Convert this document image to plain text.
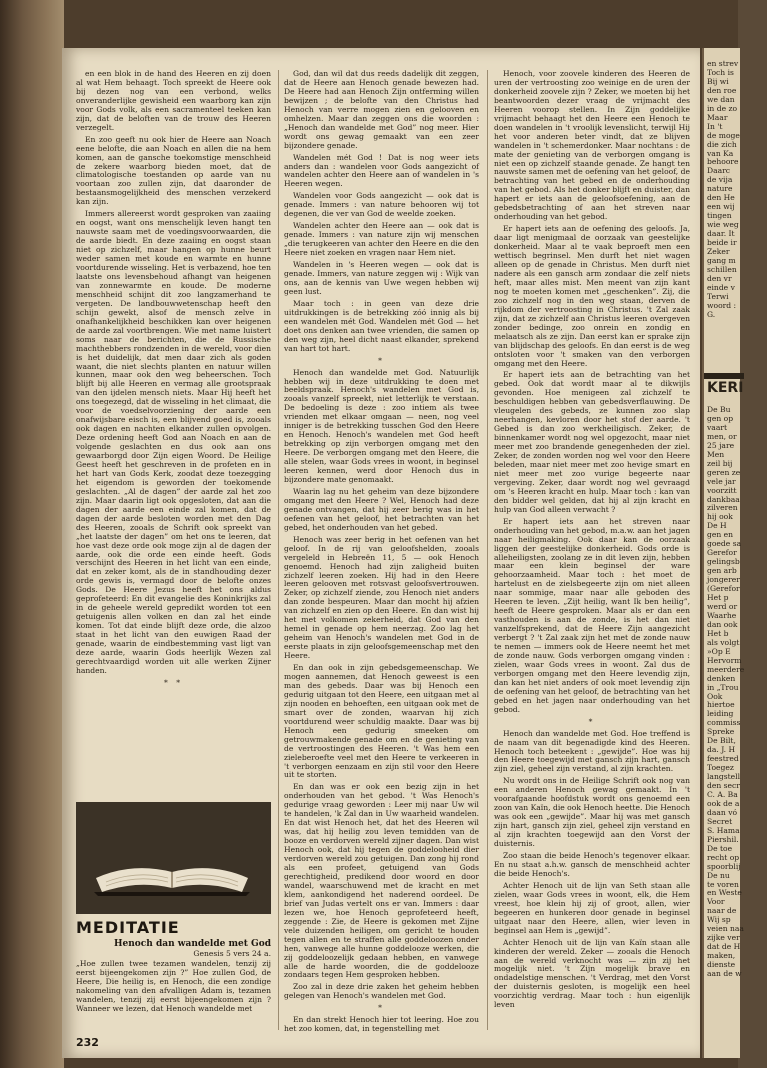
en een blok in de hand des Heeren en zij doen al wat Hem behaagt. Toch spreekt de Heere ook bij dezen nog van een verbond, welks onveranderlijke gewisheid een waarborg kan zijn voor Gods volk, als een sacramenteel teeken kan zijn, dat de beloften van de trouw des Heeren verzegelt.

En zoo geeft nu ook hier de Heere aan Noach eene belofte, die aan Noach en allen die na hem komen, aan de gansche toekomstige menschheid de zekere waarborg bieden moet, dat de climatologische toestanden op aarde van nu voortaan zoo zullen zijn, dat daaronder de bestaansmogelijkheid des menschen verzekerd kan zijn.

Immers allereerst wordt gesproken van zaaiing en oogst, want ons menschelijk leven hangt ten nauwste saam met de voedingsvoorwaarden, die de aarde biedt. En deze zaaiing en oogst staan niet op zichzelf, maar hangen op hunne beurt weder samen met koude en warmte en hunne voortdurende wisseling. Het is verbazend, hoe ten laatste ons levensbehoud afhangt van heigenen van zonnewarmte en koude. De moderne menschheid schijnt dit zoo langzamerhand te vergeten. De landbouwwetenschap heeft den schijn gewekt, alsof de mensch zelve in onafhankelijkheid beschikken kan over heigenen de aarde zal voortbrengen. Wie met name luistert soms naar de berichten, die de Russische machthebbers rondzenden in de wereld, voor dien is het duidelijk, dat men daar zich als goden waant, die niet slechts planten en natuur willen kunnen, maar ook den weg beheerschen. Toch blijft bij alle Heeren en vermag alle grootspraak van den ijdelen mensch niets. Maar Hij heeft het ons toegezegd, dat de wisseling in het climaat, die voor de voedselvoorziening der aarde een onafwijsbare eisch is, een blijvend goed is, zooals ook dagen en nachten elkander zullen opvolgen. Deze ordening heeft God aan Noach en aan de volgende geslachten en dus ook aan ons gewaarborgd door Zijn eigen Woord. De Heilige Geest heeft het geschreven in de profeten en in het hart van Gods Kerk, zoodat deze toezegging het eigendom is geworden der toekomende geslachten. „Al de dagen” der aarde zal het zoo zijn. Maar daarin ligt ook opgesloten, dat aan die dagen der aarde een einde zal komen, dat de dagen der aarde besloten worden met den Dag des Heeren, zooals de Schrift ook spreekt van „het laatste der dagen” om het ons te leeren, dat hoe vast deze orde ook moge zijn al de dagen der aarde, ook die orde een einde heeft. Gods verschijnt des Heeren in het licht van een einde, dat en zeker komt, als de in standhouding dezer orde gewis is, vermagd door de belofte onzes Gods. De Heere Jezus heeft het ons aldus geprofeteerd: En dit evangelie des Koninkrijks zal in de geheele wereld gepredikt worden tot een getuigenis allen volken en dan zal het einde komen. Tot dat einde blijft deze orde, die alzoo staat in het licht van den euwigen Raad der genade, waarin de eindbestemming vast ligt van deze aarde, waarin Gods heerlijk Wezen zal gerechtvaardigd worden uit alle werken Zijner handen.

* *

MEDITATIE
Henoch dan wandelde met God
Genesis 5 vers 24 a.
„Hoe zullen twee tezamen wandelen, tenzij zij eerst bijeengekomen zijn ?” Hoe zullen God, de Heere, Die heilig is, en Henoch, die een zondige nakomeling van den afvalligen Adam is, tezamen wandelen, tenzij zij eerst bijeengekomen zijn ? Wanneer we lezen, dat Henoch wandelde met
232

God, dan wil dat dus reeds dadelijk dit zeggen, dat de Heere aan Henoch genade bewezen had. De Heere had aan Henoch Zijn ontferming willen bewijzen ; de belofte van den Christus had Henoch van verre mogen zien en gelooven en omhelzen. Maar dan zeggen ons die woorden : „Henoch dan wandelde met God” nog meer. Hier wordt ons gewag gemaakt van een zeer bijzondere genade.

Wandelen mét God ! Dat is nog weer iets anders dan : wandelen voor Gods aangezicht of wandelen achter den Heere aan of wandelen in 's Heeren wegen.

Wandelen voor Gods aangezicht — ook dat is genade. Immers : van nature behooren wij tot degenen, die ver van God de weelde zoeken.

Wandelen achter den Heere aan — ook dat is genade. Immers : van nature zijn wij menschen „die terugkeeren van achter den Heere en die den Heere niet zoeken en vragen naar Hem niet.

Wandelen in 's Heeren wegen — ook dat is genade. Immers, van nature zeggen wij : Wijk van ons, aan de kennis van Uwe wegen hebben wij geen lust.

Maar toch : in geen van deze drie uitdrukkingen is de betrekking zóó innig als bij een wandelen mét God. Wandelen mét God — het doet ons denken aan twee vrienden, die samen op den weg zijn, heel dicht naast elkander, sprekend van hart tot hart.

*

Henoch dan wandelde met God. Natuurlijk hebben wij in deze uitdrukking te doen met beeldspraak. Henoch's wandelen met God is, zooals vanzelf spreekt, niet letterlijk te verstaan. De bedoeling is deze : zoo intiem als twee vrienden met elkaar omgaan — neen, nog veel inniger is de betrekking tusschen God den Heere en Henoch. Henoch's wandelen met God heeft betrekking op zijn verborgen omgang met den Heere. De verborgen omgang met den Heere, die alle stelen, waar Gods vrees in woont, in beginsel leeren kennen, werd door Henoch dus in bijzondere mate genomaakt.

Waarin lag nu het geheim van deze bijzondere omgang met den Heere ? Wel, Henoch had deze genade ontvangen, dat hij zeer berig was in het oefenen van het geloof, het betrachten van het gebed, het onderhouden van het gebed.

Henoch was zeer berig in het oefenen van het geloof. In de rij van geloofshelden, zooals vergeleld in Hebreën 11, 5 — ook Henoch genoemd. Henoch had zijn zaligheid buiten zichzelf leeren zoeken. Hij had in den Heere leeren gelooven met rotsvast geloofsvertrouwen. Zeker, op zichzelf ziende, zou Henoch niet anders dan zonde bespeuren. Maar dan mocht hij afzien van zichzelf en zien op den Heere. En dan wist hij het met volkomen zekerheid, dat God van den hemel in genade op hem neerzag. Zoo lag het geheim van Henoch's wandelen met God in de eerste plaats in zijn geloofsgemeenschap met den Heere.

En dan ook in zijn gebedsgemeenschap. We mogen aannemen, dat Henoch geweest is een man des gebeds. Daar was bij Henoch een gedurig uitgaan tot den Heere, een uitgaan met al zijn nooden en behoeften, een uitgaan ook met de smart over de zonden, waarvan hij zich voortdurend weer schuldig maakte. Daar was bij Henoch een gedurig smeeken om getrouwmakende genade om en de genieting van de vertroostingen des Heeren. 't Was hem een zieleberoefte veel met den Heere te verkeeren in 't verborgen eenzaam en zijn stil voor den Heere uit te storten.

En dan was er ook een bezig zijn in het onderhouden van het gebod. 't Was Henoch's gedurige vraag geworden : Leer mij naar Uw wil te handelen, 'k Zal dan in Uw waarheid wandelen. En dat wist Henoch het, dat het des Heeren wil was, dat hij heilig zou leven temidden van de booze en verdorven wereld zijner dagen. Dan wist Henoch ook, dat hij tegen de goddelooheid dier verdorven wereld zou getuigen. Dan zong hij rond als een profeet, getuigend van Gods gerechtigheid, predikend door woord en door wandel, waarschuwend met de kracht en met klem, aankondigend het naderend oordeel. De brief van Judas vertelt ons er van. Immers : daar lezen we, hoe Henoch geprofeteerd heeft, zeggende : Zie, de Heere is gekomen met Zijne vele duizenden heiligen, om gericht te houden tegen allen en te straffen alle goddeloozen onder hen, vanwege alle hunne goddelooze werken, die zij goddeloozelijk gedaan hebben, en vanwege alle de harde woorden, die de goddelooze zondaars tegen Hem gesproken hebben.

Zoo zal in deze drie zaken het geheim hebben gelegen van Henoch's wandelen met God.

*

En dan strekt Henoch hier tot leering. Hoe zou het zoo komen, dat, in tegenstelling met

Henoch, voor zoovele kinderen des Heeren de uren der vertroosting zoo weinige en de uren der donkerheid zoovele zijn ? Zeker, we moeten bij het beantwoorden dezer vraag de vrijmacht des Heeren voorop stellen. In Zijn goddelijke vrijmacht behaagt het den Heere een Henoch te doen wandelen in 't vroolijk levenslicht, terwijl Hij het voor anderen beter vindt, dat ze blijven wandelen in 't schemerdonker. Maar nochtans : de mate der genieting van de verborgen omgang is niet een op zichzelf staande genade. Ze hangt ten nauwste samen met de oefening van het geloof, de betrachting van het gebed en de onderhouding van het gebod. Als het donker blijft en duister, dan hapert er iets aan de geloofsoefening, aan de gebedsbetrachting of aan het streven naar onderhouding van het gebod.

Er hapert iets aan de oefening des geloofs. Ja, daar ligt menigmaal de oorzaak van geestelijke donkerheid. Maar al te vaak beproeft men een wettisch begrinsel. Men durft het niet wagen alleen op de genade in Christus. Men durft niet nadere als een gansch arm zondaar die zelf niets heft, maar alles mist. Men meent van zijn kant nog te moeten komen met „geschenken”. Zij, die zoo zichzelf nog in den weg staan, derven de rijkdom der vertroosting in Christus. 't Zal zaak zijn, dat ze zichzelf aan Christus leeren overgeven zonder bedinge, zoo onrein en zondig en melaatsch als ze zijn. Dan eerst kan er sprake zijn van blijdschap des geloofs. En dan eerst is de weg ontsloten voor 't smaken van den verborgen omgang met den Heere.

Er hapert iets aan de betrachting van het gebed. Ook dat wordt maar al te dikwijls gevonden. Hoe menigeen zal zichzelf te beschuldigen hebben van gebedsverflauwing. De vleugelen des gebeds, ze kunnen zoo slap neerhangen, kevloren door het stof der aarde. 't Gebed is dan zoo werkheiligisch. Zeker, de binnenkamer wordt nog wel opgezocht, maar niet meer met zoo brandende genegenheden der ziel. Zeker, de zonden worden nog wel voor den Heere beleden, maar niet meer met zoo hevige smart en niet meer met zoo vurige begeerte naar vergeving. Zeker, daar wordt nog wel gevraagd om 's Heeren kracht en hulp. Maar toch : kan van den bidder wel gelden, dat hij al zijn kracht en hulp van God alleen verwacht ?

Er hapert iets aan het streven naar onderhouding van het gebod, m.a.w. aan het jagen naar heiligmaking. Ook daar kan de oorzaak liggen der geestelijke donkerheid. Gods orde is alleheiligsten, zoolang ze in dit leven zijn, hebben maar een klein beginsel der ware gehoorzaamheid. Maar toch : het moet de hartelust en de zielsbegeerte zijn om niet alleen naar sommige, maar naar alle geboden des Heeren te leven. „Zijt heilig, want Ik ben heilig”, heeft de Heere gesproken. Maar als er dan een vasthouden is aan de zonde, is het dan niet vanzelfsprekend, dat de Heere Zijn aangezicht verbergt ? 't Zal zaak zijn het met de zonde nauw te nemen — immers ook de Heere neemt het met de zonde nauw. Gods verborgen omgang vinden : zielen, waar Gods vrees in woont. Zal dus de verborgen omgang met den Heere levendig zijn, dan kan het niet anders of ook moet levendig zijn de oefening van het geloof, de betrachting van het gebed en het jagen naar onderhouding van het gebod.

*

Henoch dan wandelde met God. Hoe treffend is de naam van dit begenadigde kind des Heeren. Henoch toch beteekent : „gewijde”. Hoe was hij den Heere toegewijd met gansch zijn hart, gansch zijn ziel, geheel zijn verstand, al zijn krachten.

Nu wordt ons in de Heilige Schrift ook nog van een anderen Henoch gewag gemaakt. In 't voorafgaande hoofdstuk wordt ons genoemd een zoon van Kaïn, die ook Henoch heette. Die Henoch was ook een „gewijde”. Maar hij was met gansch zijn hart, gansch zijn ziel, geheel zijn verstand en al zijn krachten toegewijd aan den Vorst der duisternis.

Zoo staan die beide Henoch's tegenover elkaar. En nu staat a.h.w. gansch de menschheid achter die beide Henoch's.

Achter Henoch uit de lijn van Seth staan alle zielen, waar Gods vrees in woont, elk, die Hem vreest, hoe klein hij zij of groot, allen, wier begeeren en hunkeren door genade in beginsel uitgaat naar den Heere, allen, wier leven in beginsel aan Hem is „gewijd”.

Achter Henoch uit de lijn van Kaïn staan alle kinderen der wereld. Zeker — zooals die Henoch aan de wereld verknocht was — zijn zij het mogelijk niet. 't Zijn mogelijk brave en ondadelstige menschen. 't Verdrag, met den Vorst der duisternis gesloten, is mogelijk een heel voorzichtig verdrag. Maar toch : hun eigenlijk leven

en strev
Toch is
Bij wi
den roe
we dan
in de zo
Maar
In 't
de moge
die zich
van Ka
behoore
Daarc
de vija
nature
den He
een wij
tingen
wie weg
daar. It
beide ir
Zeker
gang m
schillen
den vr
einde v
Terwi
woord :
G.
KERI
De Bu
gen op
vaart
men, or
25 jare
Men
zeil bij
geren ze
vele jar
voorzitt
dankbaa
zilveren
hij ook
De H
gen en
goede sa
Gerefor
gelingsb
gen arb
jongerer
(Gerefor
Het p
werd or
Waarhe
dan ook
Het b
als volgt
»Op E
Hervorm
meerdere
denken
in „Trou
Ook
hiertoe
leiding
commiss
Spreke
De Bilt,
da. J. H
feestred
Toegez
langstell
den secr
C. A. Ba
ook de a
daan vó
Secret
S. Hama
Piershil.
De toe
recht op
spoorblij
De nu
te voren
en Weste
Voor
naar de
Wij sp
veien naa
zijke ver
dat de H
maken,
dienste
aan de w
